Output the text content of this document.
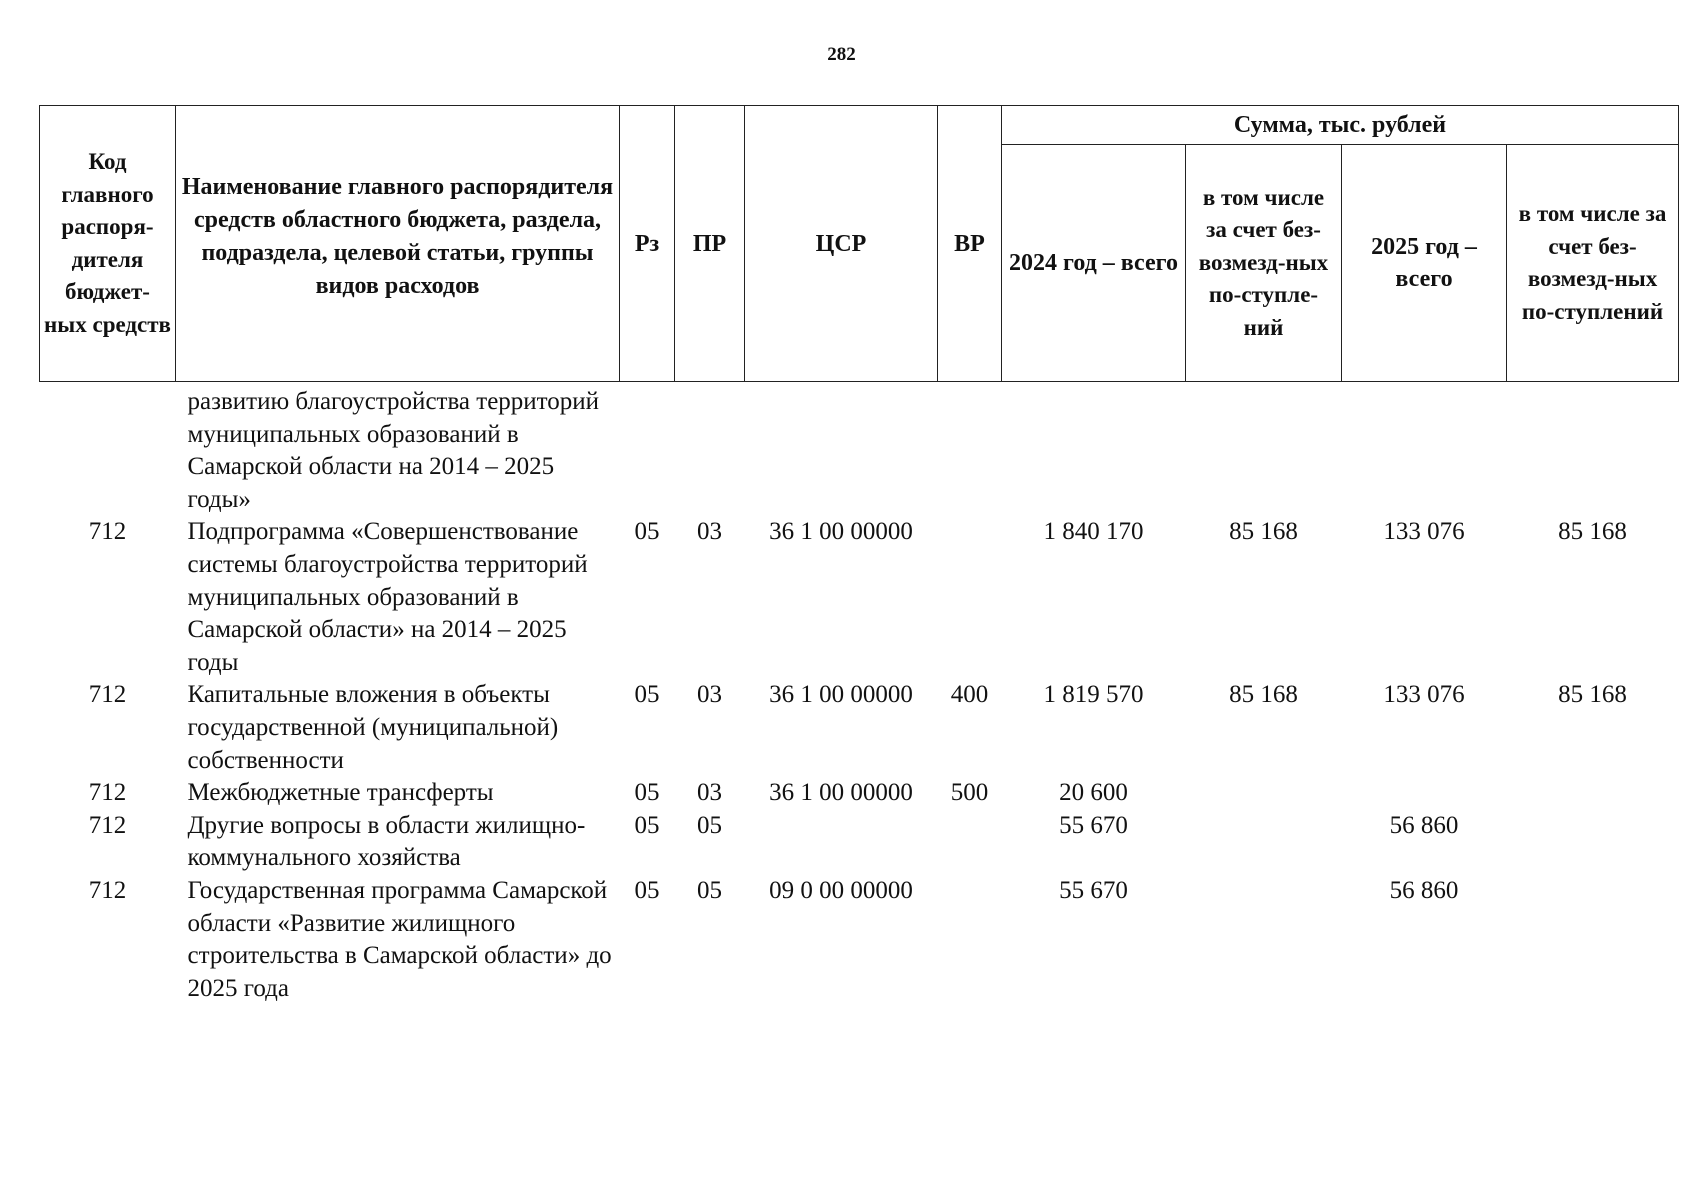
282
Код главного распоря-дителя бюджет-ных средств	Наименование главного распорядителя средств областного бюджета, раздела, подраздела, целевой статьи, группы видов расходов	Рз	ПР	ЦСР	ВР	Сумма, тыс. рублей			
						2024 год – всего	в том числе за счет без-возмезд-ных по-ступле-ний	2025 год – всего	в том числе за счет без-возмезд-ных по-ступлений
	развитию благоустройства территорий муниципальных образований в Самарской области на 2014 – 2025 годы»								
712	Подпрограмма «Совершенствование системы благоустройства территорий муниципальных образований в Самарской области» на 2014 – 2025 годы	05	03	36 1 00 00000		1 840 170	85 168	133 076	85 168
712	Капитальные вложения в объекты государственной (муниципальной) собственности	05	03	36 1 00 00000	400	1 819 570	85 168	133 076	85 168
712	Межбюджетные трансферты	05	03	36 1 00 00000	500	20 600			
712	Другие вопросы в области жилищно-коммунального хозяйства	05	05			55 670		56 860	
712	Государственная программа Самарской области «Развитие жилищного строительства в Самарской области» до 2025 года	05	05	09 0 00 00000		55 670		56 860	
